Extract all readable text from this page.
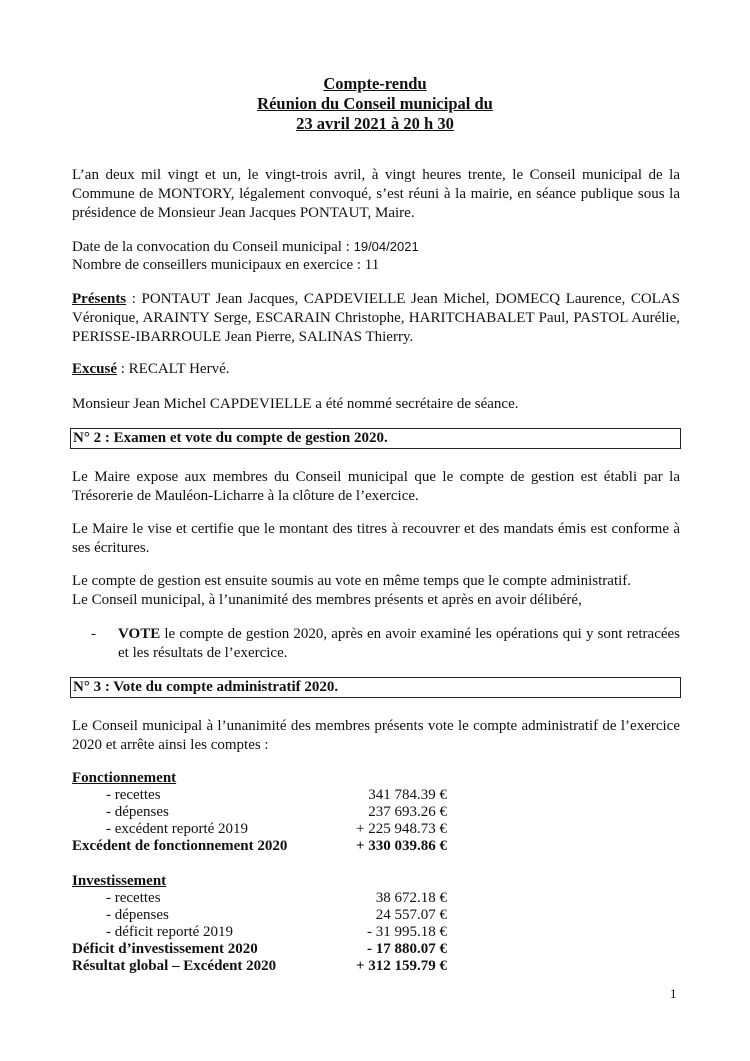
Compte-rendu
Réunion du Conseil municipal du
23 avril 2021 à 20 h 30
L’an deux mil vingt et un, le vingt-trois avril, à vingt heures trente, le Conseil municipal de la Commune de MONTORY, légalement convoqué, s’est réuni à la mairie, en séance publique sous la présidence de Monsieur Jean Jacques PONTAUT, Maire.
Date de la convocation du Conseil municipal : 19/04/2021
Nombre de conseillers municipaux en exercice : 11
Présents : PONTAUT Jean Jacques, CAPDEVIELLE Jean Michel, DOMECQ Laurence, COLAS Véronique, ARAINTY Serge, ESCARAIN Christophe, HARITCHABALET Paul, PASTOL Aurélie, PERISSE-IBARROULE Jean Pierre, SALINAS Thierry.
Excusé : RECALT Hervé.
Monsieur Jean Michel CAPDEVIELLE a été nommé secrétaire de séance.
N° 2 : Examen et vote du compte de gestion 2020.
Le Maire expose aux membres du Conseil municipal que le compte de gestion est établi par la Trésorerie de Mauléon-Licharre à la clôture de l’exercice.
Le Maire le vise et certifie que le montant des titres à recouvrer et des mandats émis est conforme à ses écritures.
Le compte de gestion est ensuite soumis au vote en même temps que le compte administratif.
Le Conseil municipal, à l’unanimité des membres présents et après en avoir délibéré,
- VOTE le compte de gestion 2020, après en avoir examiné les opérations qui y sont retracées et les résultats de l’exercice.
N° 3 : Vote du compte administratif 2020.
Le Conseil municipal à l’unanimité des membres présents vote le compte administratif de l’exercice 2020 et arrête ainsi les comptes :
Fonctionnement
- recettes	341 784.39 €
- dépenses	237 693.26 €
- excédent reporté 2019	+ 225 948.73 €
Excédent de fonctionnement 2020	+ 330 039.86 €
Investissement
- recettes	38 672.18 €
- dépenses	24 557.07 €
- déficit reporté 2019	- 31 995.18 €
Déficit d’investissement 2020	- 17 880.07 €
Résultat global – Excédent 2020	+ 312 159.79 €
1
